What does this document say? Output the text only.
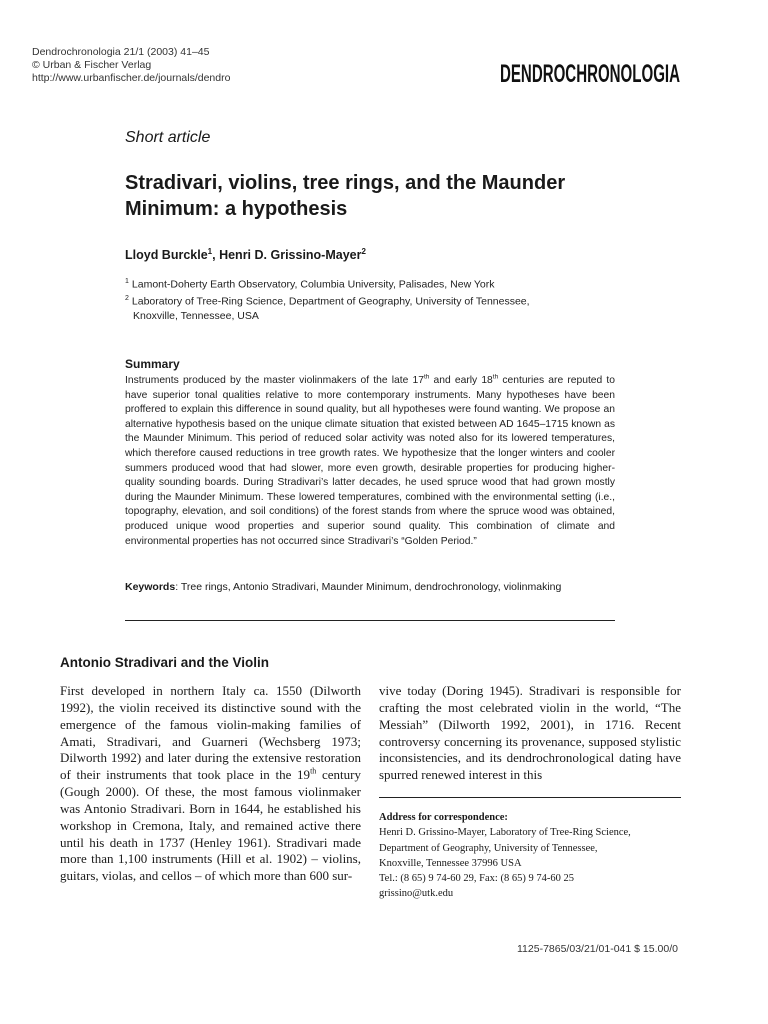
Dendrochronologia 21/1 (2003) 41–45
© Urban & Fischer Verlag
http://www.urbanfischer.de/journals/dendro	DENDROCHRONOLOGIA
Short article
Stradivari, violins, tree rings, and the Maunder
Minimum: a hypothesis
Lloyd Burckle$^1$, Henri D. Grissino-Mayer$^2$
$^1$ Lamont-Doherty Earth Observatory, Columbia University, Palisades, New York
$^2$ Laboratory of Tree-Ring Science, Department of Geography, University of Tennessee,
Knoxville, Tennessee, USA
Summary
Instruments produced by the master violinmakers of the late 17th and early 18th centuries are reputed to have superior tonal qualities relative to more contemporary instruments. Many hypotheses have been proffered to explain this difference in sound quality, but all hypotheses were found wanting. We propose an alternative hypothesis based on the unique climate situation that existed between AD 1645–1715 known as the Maunder Minimum. This period of reduced solar activity was noted also for its lowered temperatures, which therefore caused reductions in tree growth rates. We hypothesize that the longer winters and cooler summers produced wood that had slower, more even growth, desirable properties for producing higher-quality sounding boards. During Stradivari’s latter decades, he used spruce wood that had grown mostly during the Maunder Minimum. These lowered temperatures, combined with the environmental setting (i.e., topography, elevation, and soil conditions) of the forest stands from where the spruce wood was obtained, produced unique wood properties and superior sound quality. This combination of climate and environmental properties has not occurred since Stradivari’s “Golden Period.”
Keywords: Tree rings, Antonio Stradivari, Maunder Minimum, dendrochronology, violinmaking
Antonio Stradivari and the Violin
First developed in northern Italy ca. 1550 (Dilworth 1992), the violin received its distinctive sound with the emergence of the famous violin-making families of Amati, Stradivari, and Guarneri (Wechsberg 1973; Dilworth 1992) and later during the extensive restoration of their instruments that took place in the 19th century (Gough 2000). Of these, the most famous violinmaker was Antonio Stradivari. Born in 1644, he established his workshop in Cremona, Italy, and remained active there until his death in 1737 (Henley 1961). Stradivari made more than 1,100 instruments (Hill et al. 1902) – violins, guitars, violas, and cellos – of which more than 600 sur-
vive today (Doring 1945). Stradivari is responsible for crafting the most celebrated violin in the world, “The Messiah” (Dilworth 1992, 2001), in 1716. Recent controversy concerning its provenance, supposed stylistic inconsistencies, and its dendrochronological dating have spurred renewed interest in this
Address for correspondence:
Henri D. Grissino-Mayer, Laboratory of Tree-Ring Science,
Department of Geography, University of Tennessee,
Knoxville, Tennessee 37996 USA
Tel.: (8 65) 9 74-60 29, Fax: (8 65) 9 74-60 25
grissino@utk.edu
1125-7865/03/21/01-041 $ 15.00/0
